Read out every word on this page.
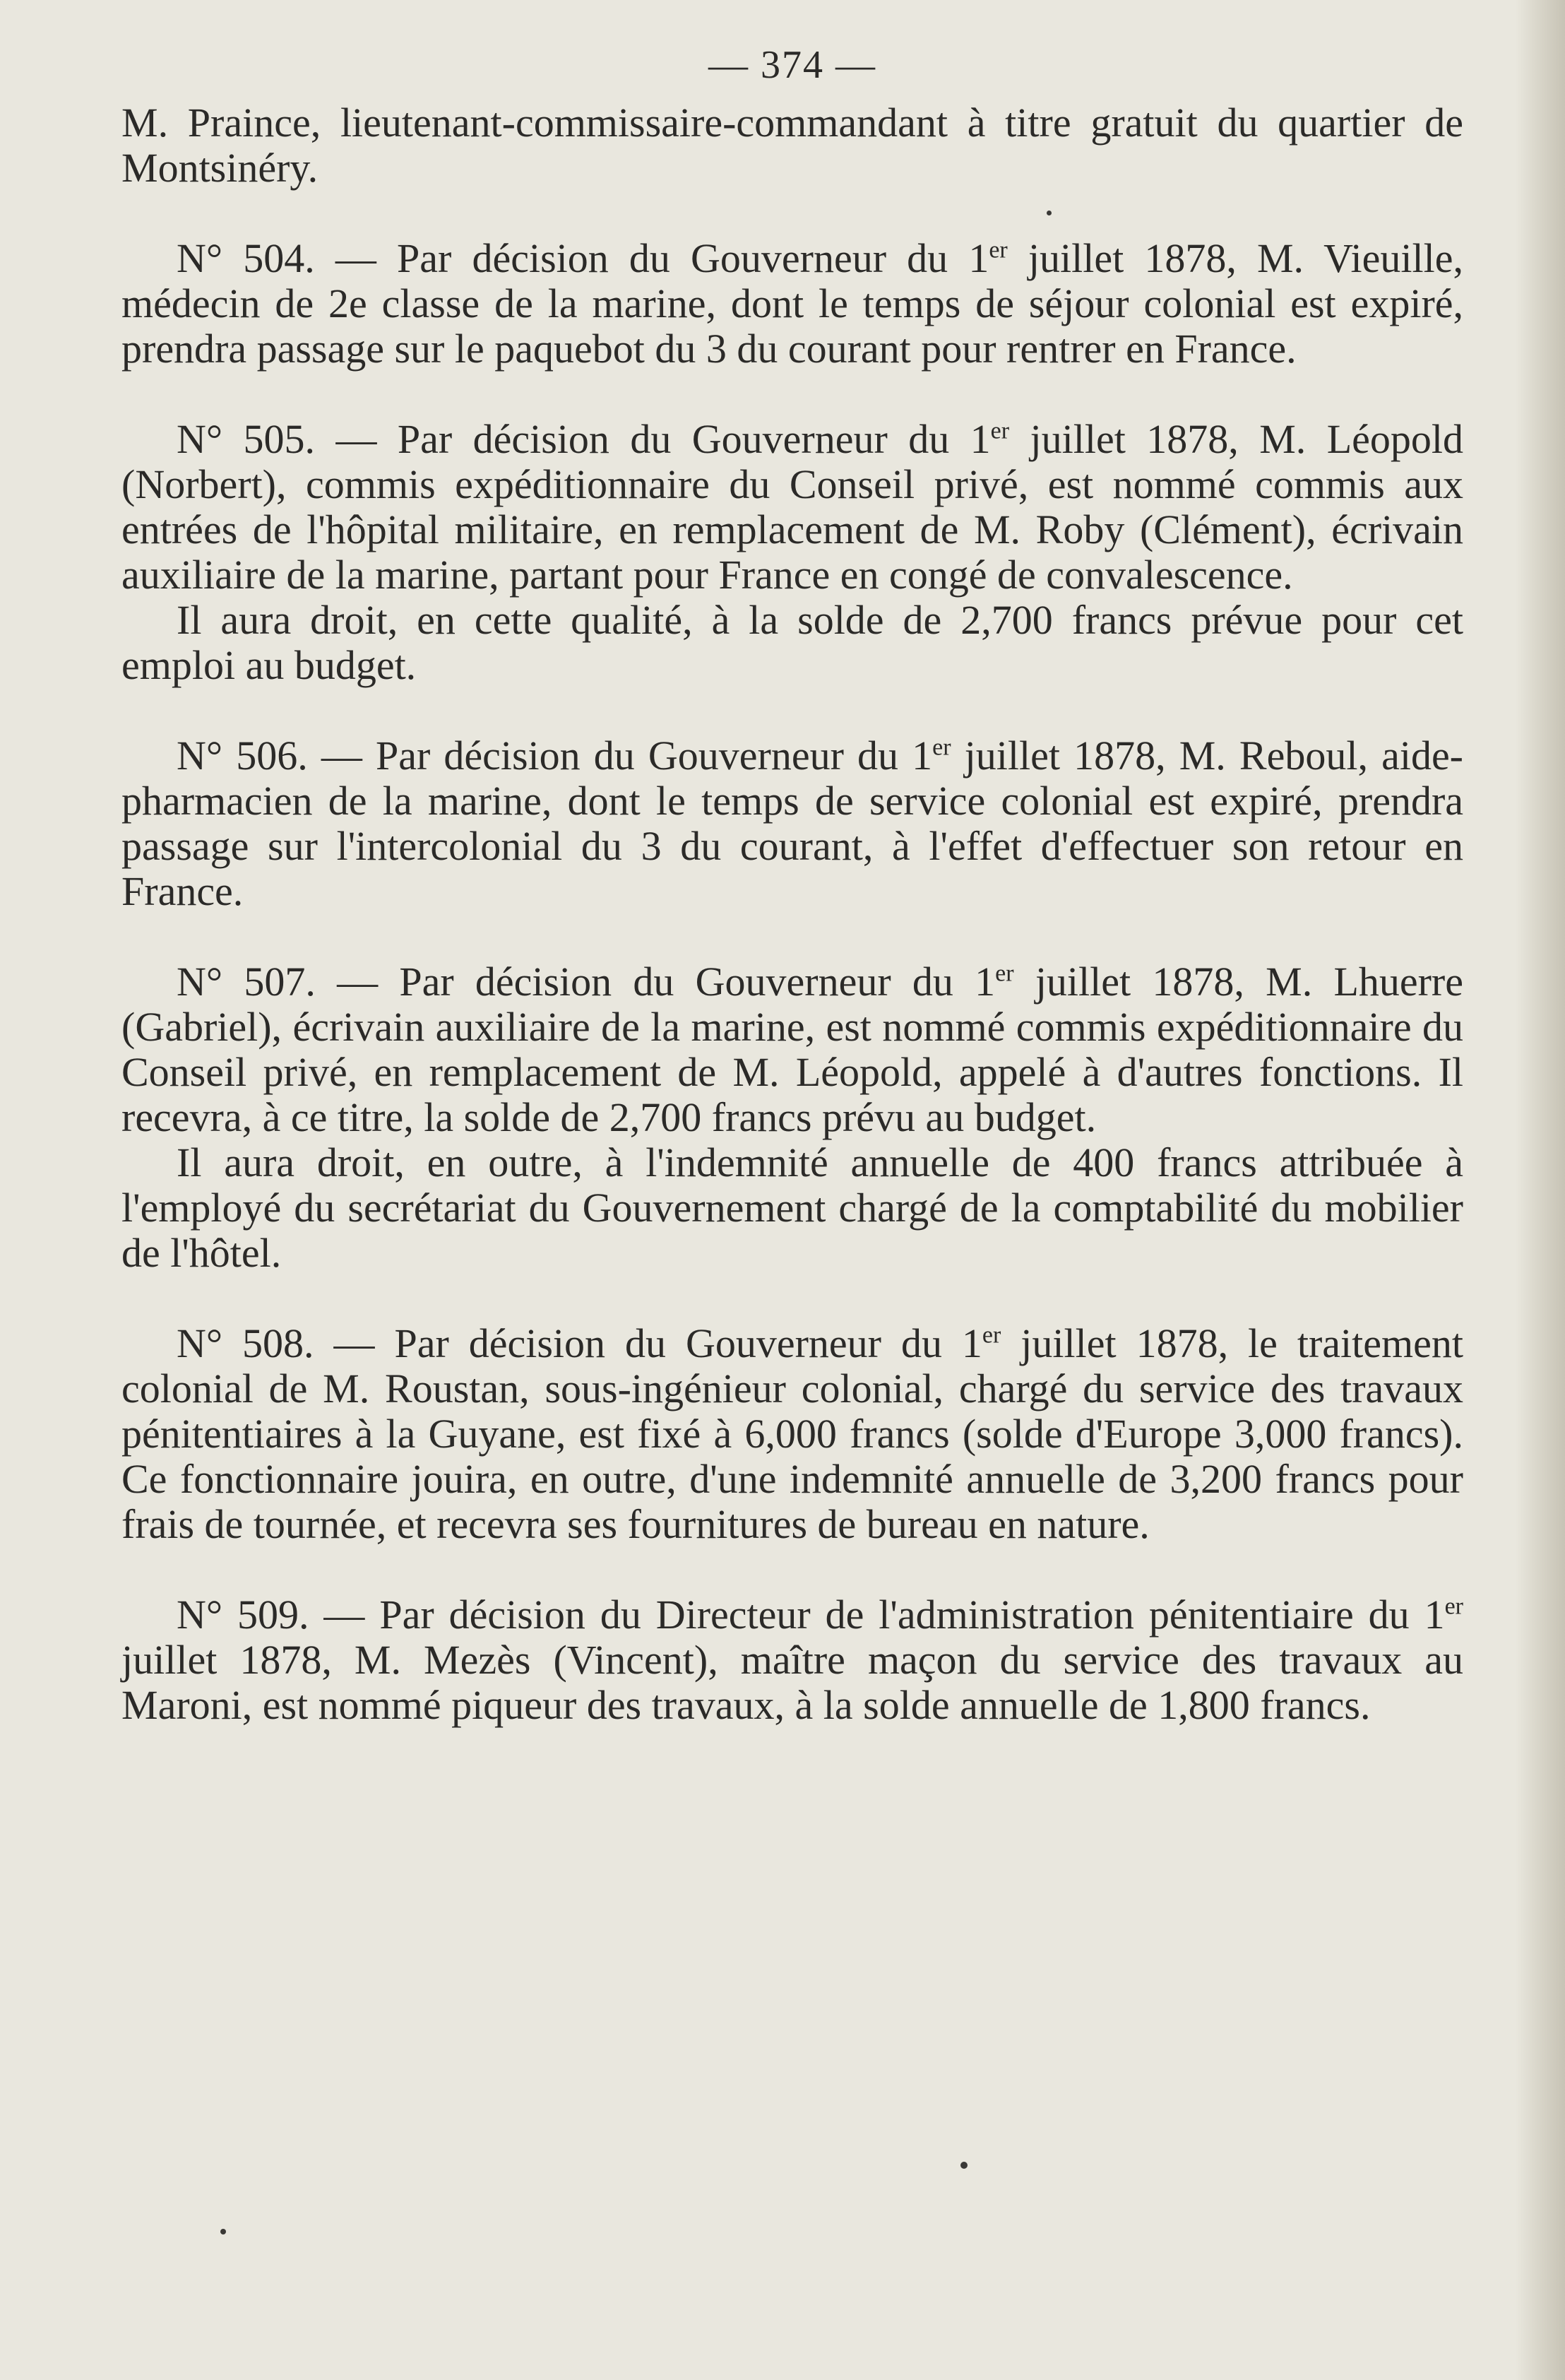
— 374 —

M. Praince, lieutenant-commissaire-commandant à titre gratuit du quartier de Montsinéry.

N° 504. — Par décision du Gouverneur du 1er juillet 1878, M. Vieuille, médecin de 2e classe de la marine, dont le temps de séjour colonial est expiré, prendra passage sur le paquebot du 3 du courant pour rentrer en France.

N° 505. — Par décision du Gouverneur du 1er juillet 1878, M. Léopold (Norbert), commis expéditionnaire du Conseil privé, est nommé commis aux entrées de l'hôpital militaire, en remplacement de M. Roby (Clément), écrivain auxiliaire de la marine, partant pour France en congé de convalescence.

Il aura droit, en cette qualité, à la solde de 2,700 francs prévue pour cet emploi au budget.

N° 506. — Par décision du Gouverneur du 1er juillet 1878, M. Reboul, aide-pharmacien de la marine, dont le temps de service colonial est expiré, prendra passage sur l'intercolonial du 3 du courant, à l'effet d'effectuer son retour en France.

N° 507. — Par décision du Gouverneur du 1er juillet 1878, M. Lhuerre (Gabriel), écrivain auxiliaire de la marine, est nommé commis expéditionnaire du Conseil privé, en remplacement de M. Léopold, appelé à d'autres fonctions. Il recevra, à ce titre, la solde de 2,700 francs prévu au budget.

Il aura droit, en outre, à l'indemnité annuelle de 400 francs attribuée à l'employé du secrétariat du Gouvernement chargé de la comptabilité du mobilier de l'hôtel.

N° 508. — Par décision du Gouverneur du 1er juillet 1878, le traitement colonial de M. Roustan, sous-ingénieur colonial, chargé du service des travaux pénitentiaires à la Guyane, est fixé à 6,000 francs (solde d'Europe 3,000 francs). Ce fonctionnaire jouira, en outre, d'une indemnité annuelle de 3,200 francs pour frais de tournée, et recevra ses fournitures de bureau en nature.

N° 509. — Par décision du Directeur de l'administration pénitentiaire du 1er juillet 1878, M. Mezès (Vincent), maître maçon du service des travaux au Maroni, est nommé piqueur des travaux, à la solde annuelle de 1,800 francs.
